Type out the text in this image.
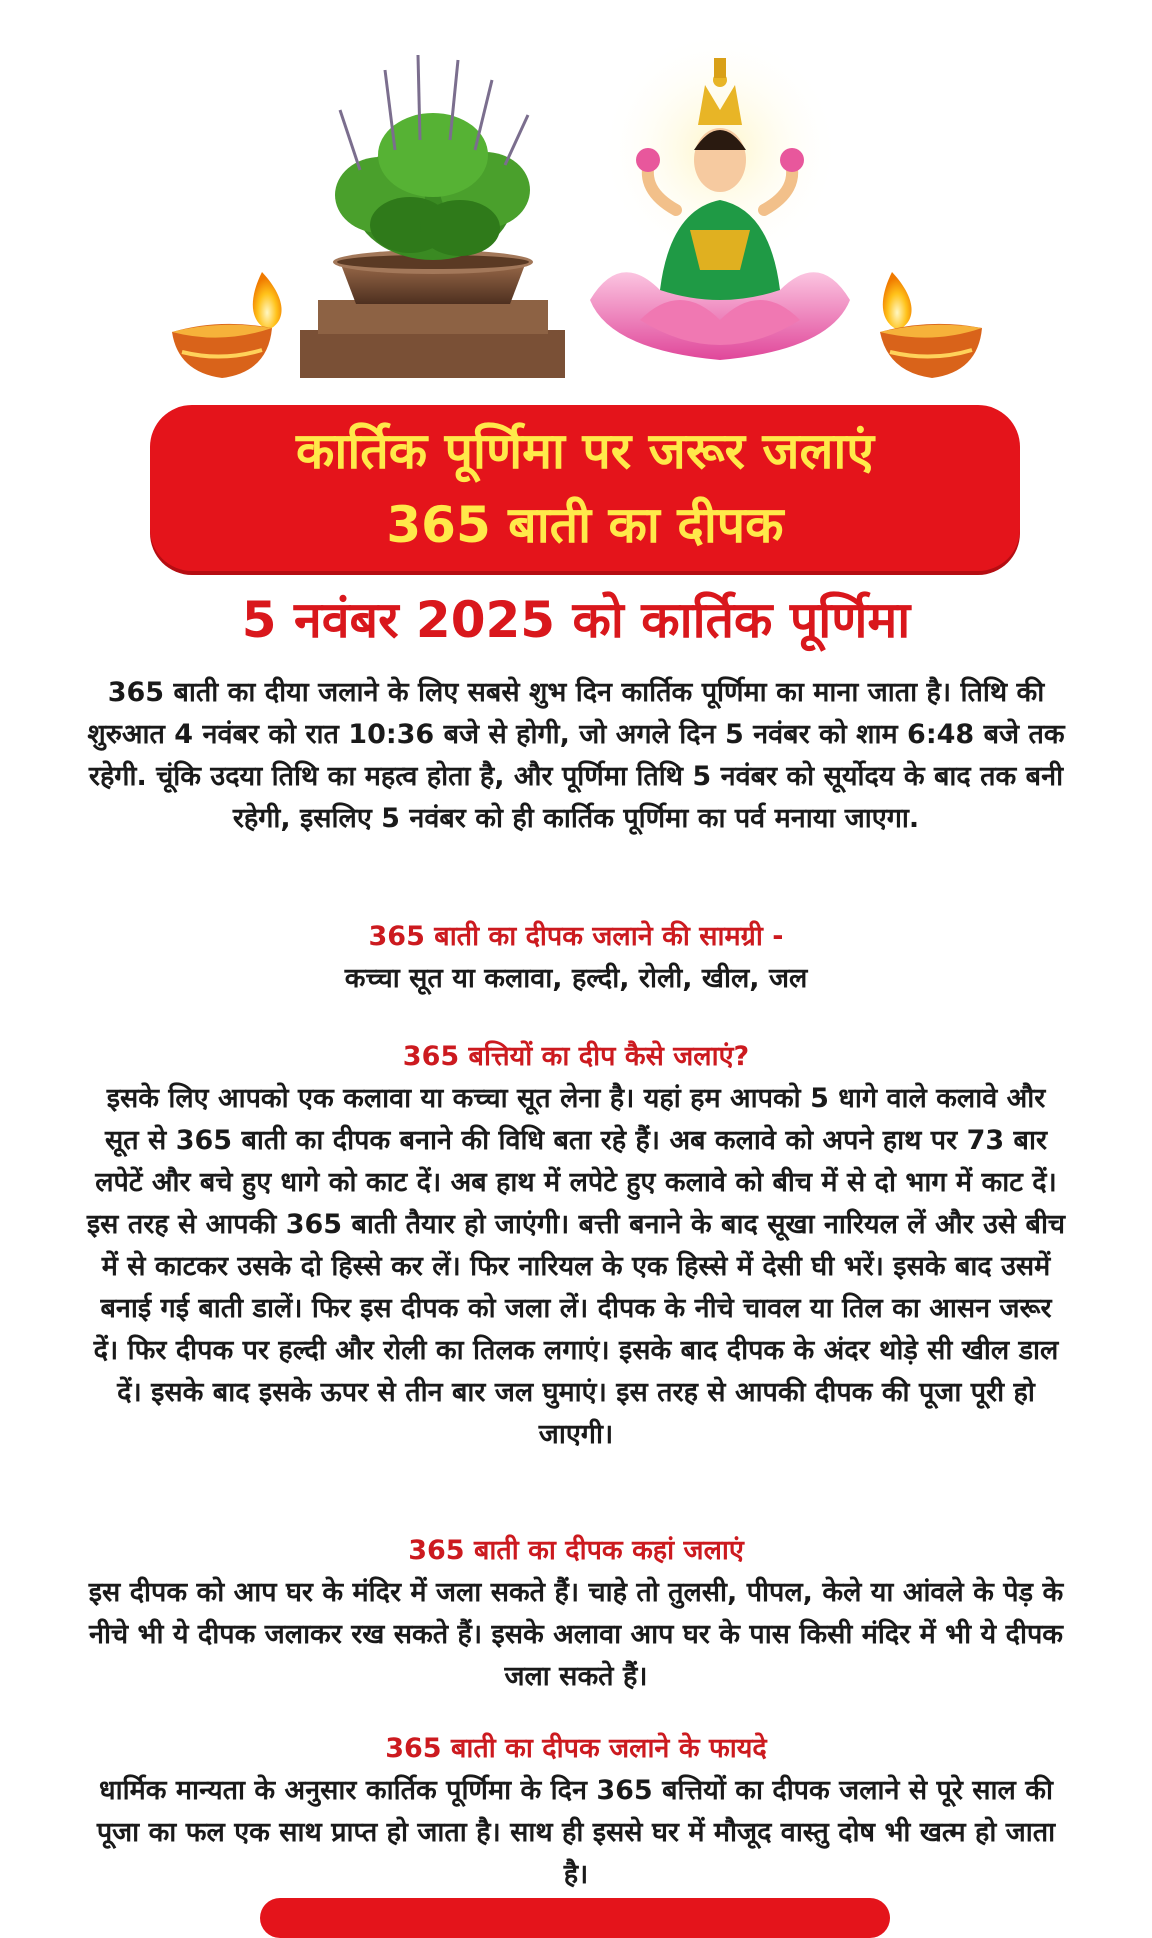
कार्तिक पूर्णिमा पर जरूर जलाएं
365 बाती का दीपक
5 नवंबर 2025 को कार्तिक पूर्णिमा

365 बाती का दीया जलाने के लिए सबसे शुभ दिन कार्तिक पूर्णिमा का माना जाता है। तिथि की शुरुआत 4 नवंबर को रात 10:36 बजे से होगी, जो अगले दिन 5 नवंबर को शाम 6:48 बजे तक रहेगी. चूंकि उदया तिथि का महत्व होता है, और पूर्णिमा तिथि 5 नवंबर को सूर्योदय के बाद तक बनी रहेगी, इसलिए 5 नवंबर को ही कार्तिक पूर्णिमा का पर्व मनाया जाएगा.

365 बाती का दीपक जलाने की सामग्री -

कच्चा सूत या कलावा, हल्दी, रोली, खील, जल

365 बत्तियों का दीप कैसे जलाएं?

इसके लिए आपको एक कलावा या कच्चा सूत लेना है। यहां हम आपको 5 धागे वाले कलावे और सूत से 365 बाती का दीपक बनाने की विधि बता रहे हैं। अब कलावे को अपने हाथ पर 73 बार लपेटें और बचे हुए धागे को काट दें। अब हाथ में लपेटे हुए कलावे को बीच में से दो भाग में काट दें। इस तरह से आपकी 365 बाती तैयार हो जाएंगी। बत्ती बनाने के बाद सूखा नारियल लें और उसे बीच में से काटकर उसके दो हिस्से कर लें। फिर नारियल के एक हिस्से में देसी घी भरें। इसके बाद उसमें बनाई गई बाती डालें। फिर इस दीपक को जला लें। दीपक के नीचे चावल या तिल का आसन जरूर दें। फिर दीपक पर हल्दी और रोली का तिलक लगाएं। इसके बाद दीपक के अंदर थोड़े सी खील डाल दें। इसके बाद इसके ऊपर से तीन बार जल घुमाएं। इस तरह से आपकी दीपक की पूजा पूरी हो जाएगी।

365 बाती का दीपक कहां जलाएं

इस दीपक को आप घर के मंदिर में जला सकते हैं। चाहे तो तुलसी, पीपल, केले या आंवले के पेड़ के नीचे भी ये दीपक जलाकर रख सकते हैं। इसके अलावा आप घर के पास किसी मंदिर में भी ये दीपक जला सकते हैं।

365 बाती का दीपक जलाने के फायदे

धार्मिक मान्यता के अनुसार कार्तिक पूर्णिमा के दिन 365 बत्तियों का दीपक जलाने से पूरे साल की पूजा का फल एक साथ प्राप्त हो जाता है। साथ ही इससे घर में मौजूद वास्तु दोष भी खत्म हो जाता है।
